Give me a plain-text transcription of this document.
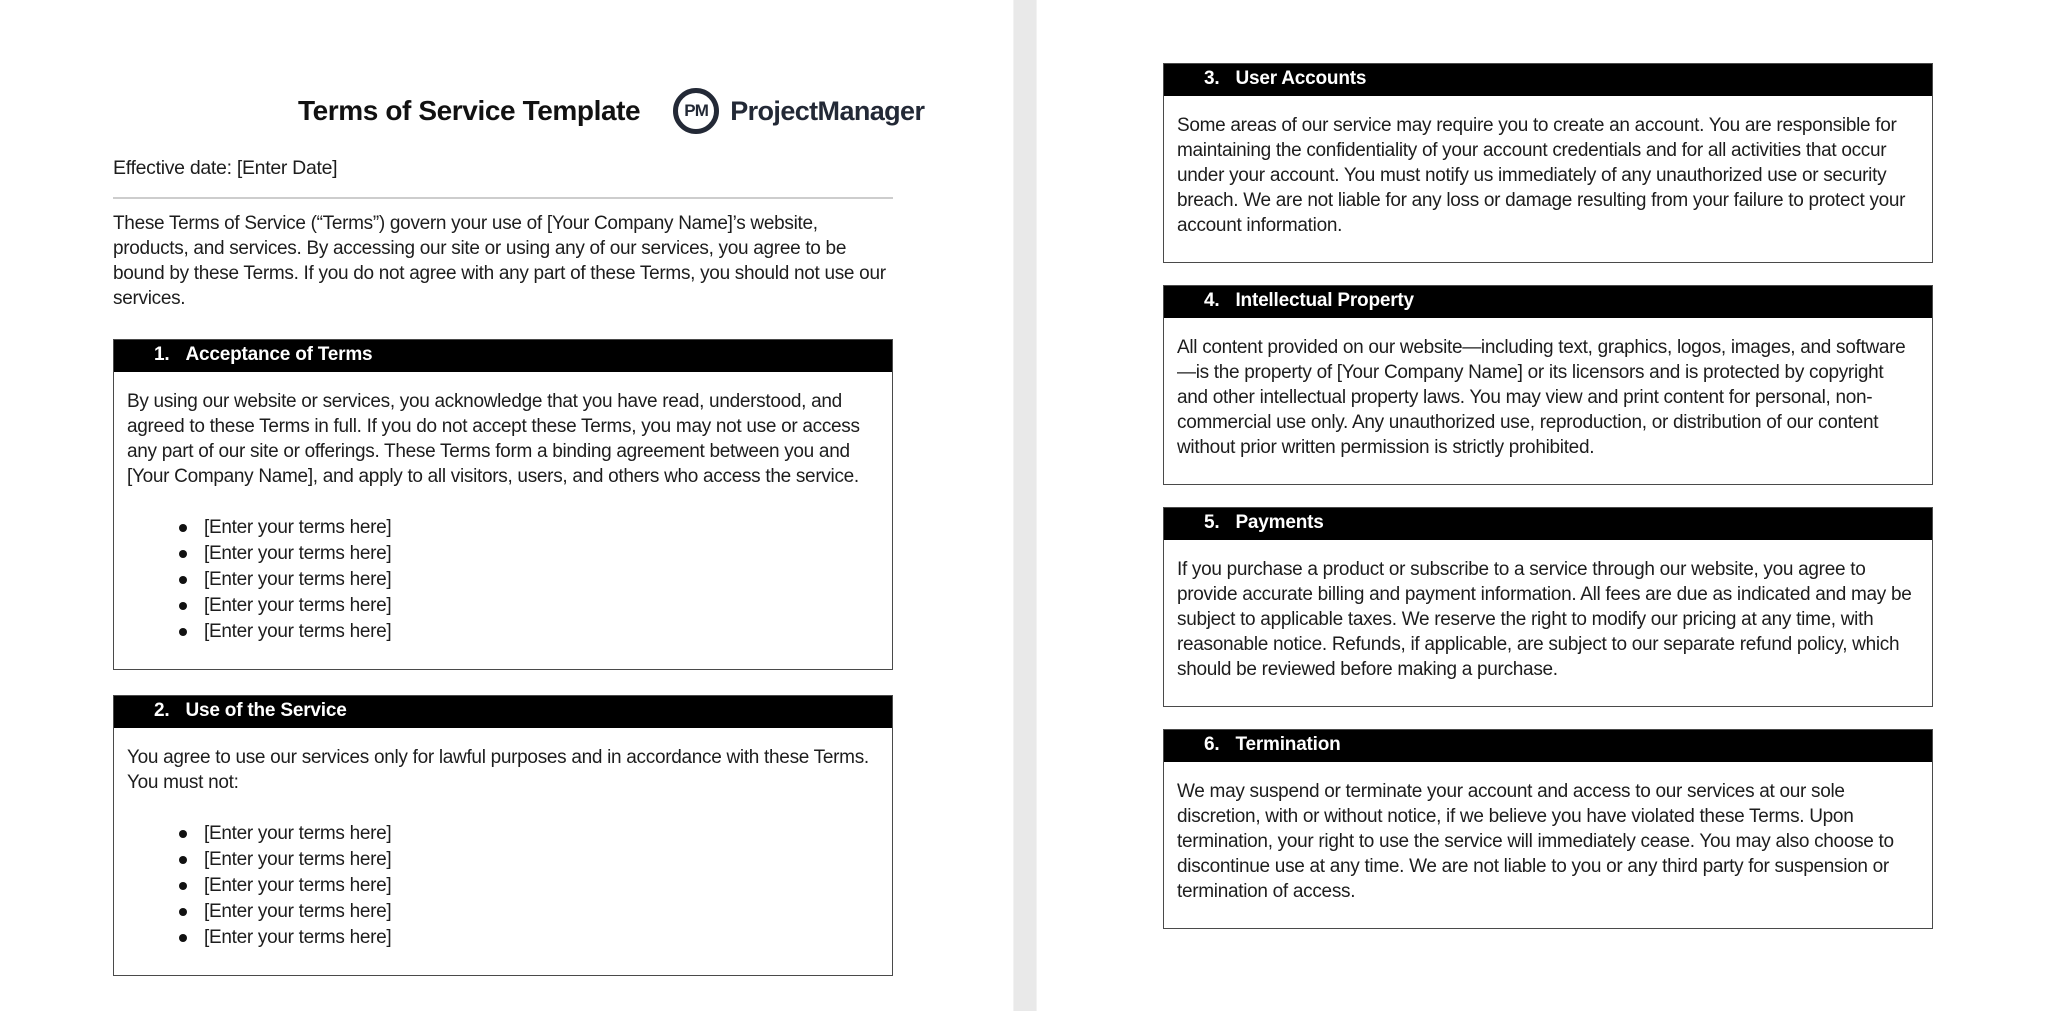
Terms of Service Template	PM ProjectManager
Effective date: [Enter Date]

These Terms of Service (“Terms”) govern your use of [Your Company Name]’s website, products, and services. By accessing our site or using any of our services, you agree to be bound by these Terms. If you do not agree with any part of these Terms, you should not use our services.

1. Acceptance of Terms

By using our website or services, you acknowledge that you have read, understood, and agreed to these Terms in full. If you do not accept these Terms, you may not use or access any part of our site or offerings. These Terms form a binding agreement between you and [Your Company Name], and apply to all visitors, users, and others who access the service.

[Enter your terms here]
[Enter your terms here]
[Enter your terms here]
[Enter your terms here]
[Enter your terms here]
2. Use of the Service

You agree to use our services only for lawful purposes and in accordance with these Terms. You must not:

[Enter your terms here]
[Enter your terms here]
[Enter your terms here]
[Enter your terms here]
[Enter your terms here]
3. User Accounts

Some areas of our service may require you to create an account. You are responsible for maintaining the confidentiality of your account credentials and for all activities that occur under your account. You must notify us immediately of any unauthorized use or security breach. We are not liable for any loss or damage resulting from your failure to protect your account information.

4. Intellectual Property

All content provided on our website—including text, graphics, logos, images, and software—is the property of [Your Company Name] or its licensors and is protected by copyright and other intellectual property laws. You may view and print content for personal, non-commercial use only. Any unauthorized use, reproduction, or distribution of our content without prior written permission is strictly prohibited.

5. Payments

If you purchase a product or subscribe to a service through our website, you agree to provide accurate billing and payment information. All fees are due as indicated and may be subject to applicable taxes. We reserve the right to modify our pricing at any time, with reasonable notice. Refunds, if applicable, are subject to our separate refund policy, which should be reviewed before making a purchase.

6. Termination

We may suspend or terminate your account and access to our services at our sole discretion, with or without notice, if we believe you have violated these Terms. Upon termination, your right to use the service will immediately cease. You may also choose to discontinue use at any time. We are not liable to you or any third party for suspension or termination of access.
